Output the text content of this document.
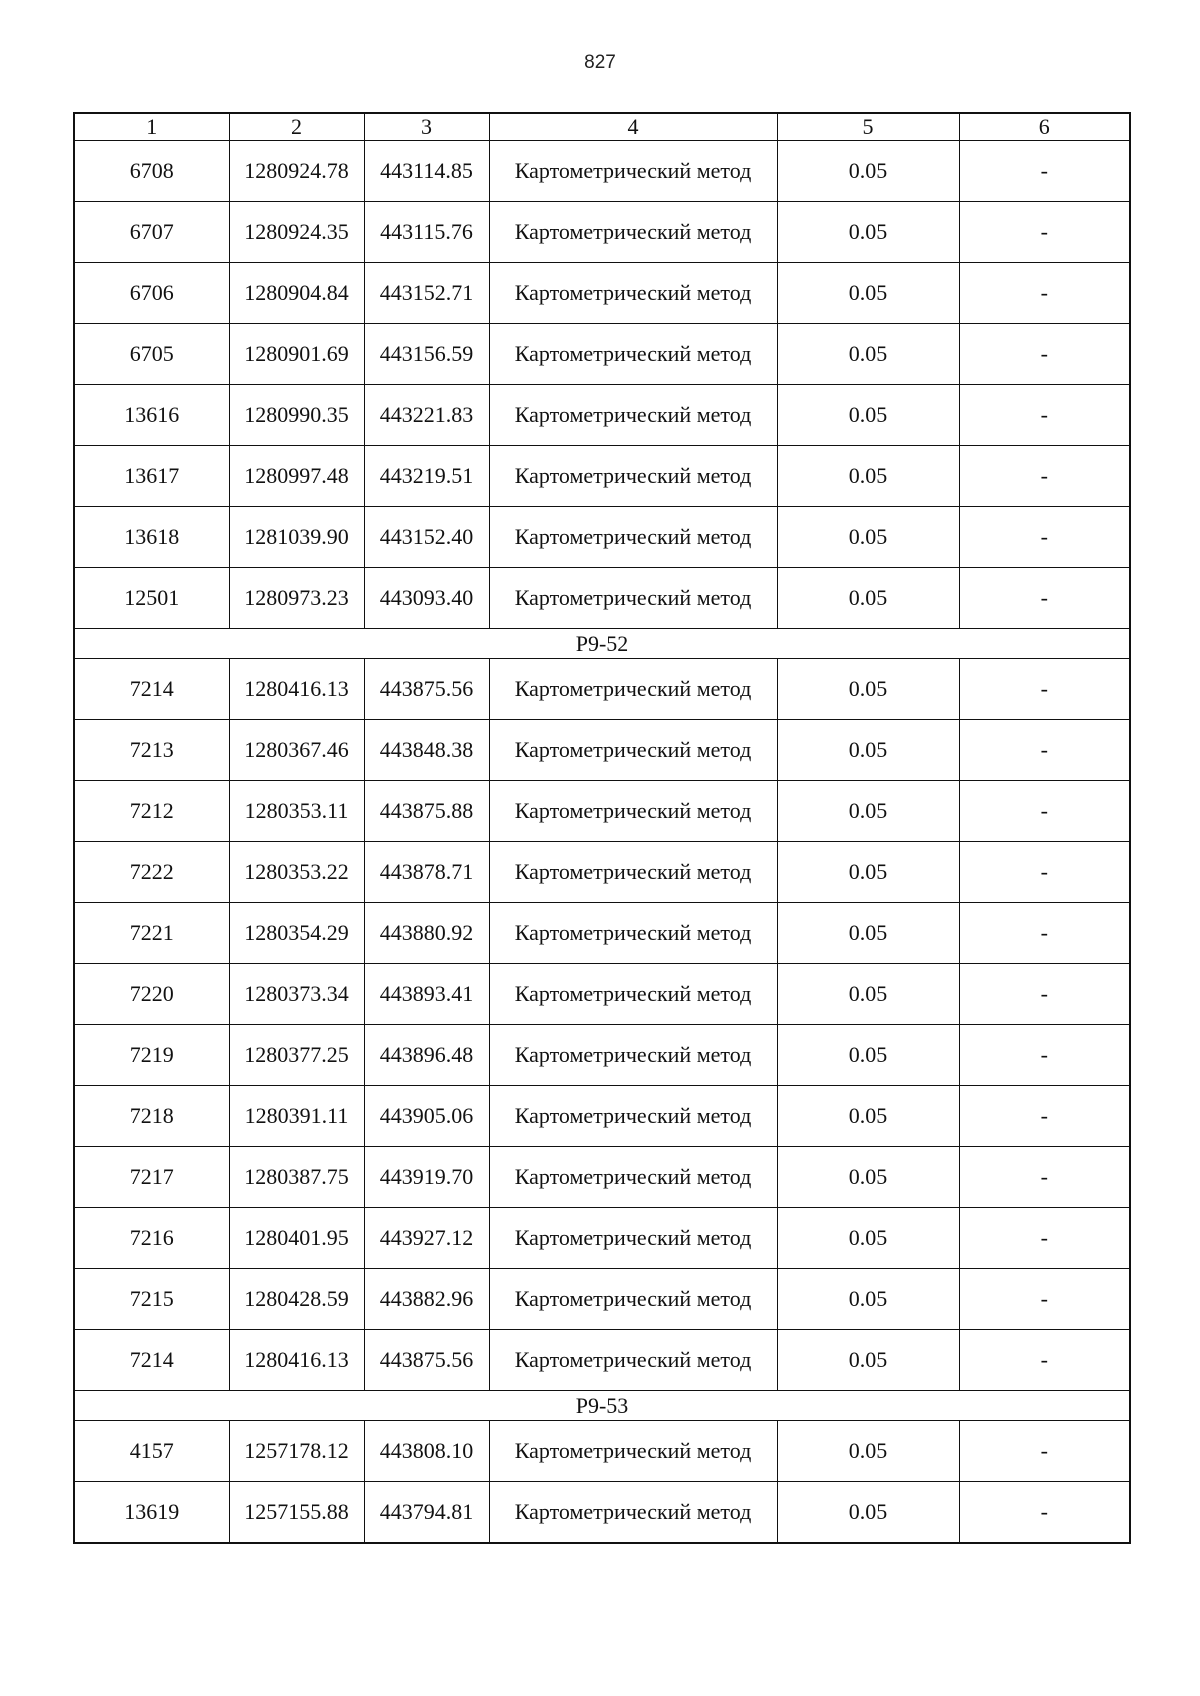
827
1	2	3	4	5	6
6708	1280924.78	443114.85	Картометрический метод	0.05	-
6707	1280924.35	443115.76	Картометрический метод	0.05	-
6706	1280904.84	443152.71	Картометрический метод	0.05	-
6705	1280901.69	443156.59	Картометрический метод	0.05	-
13616	1280990.35	443221.83	Картометрический метод	0.05	-
13617	1280997.48	443219.51	Картометрический метод	0.05	-
13618	1281039.90	443152.40	Картометрический метод	0.05	-
12501	1280973.23	443093.40	Картометрический метод	0.05	-
Р9-52					
7214	1280416.13	443875.56	Картометрический метод	0.05	-
7213	1280367.46	443848.38	Картометрический метод	0.05	-
7212	1280353.11	443875.88	Картометрический метод	0.05	-
7222	1280353.22	443878.71	Картометрический метод	0.05	-
7221	1280354.29	443880.92	Картометрический метод	0.05	-
7220	1280373.34	443893.41	Картометрический метод	0.05	-
7219	1280377.25	443896.48	Картометрический метод	0.05	-
7218	1280391.11	443905.06	Картометрический метод	0.05	-
7217	1280387.75	443919.70	Картометрический метод	0.05	-
7216	1280401.95	443927.12	Картометрический метод	0.05	-
7215	1280428.59	443882.96	Картометрический метод	0.05	-
7214	1280416.13	443875.56	Картометрический метод	0.05	-
Р9-53					
4157	1257178.12	443808.10	Картометрический метод	0.05	-
13619	1257155.88	443794.81	Картометрический метод	0.05	-
